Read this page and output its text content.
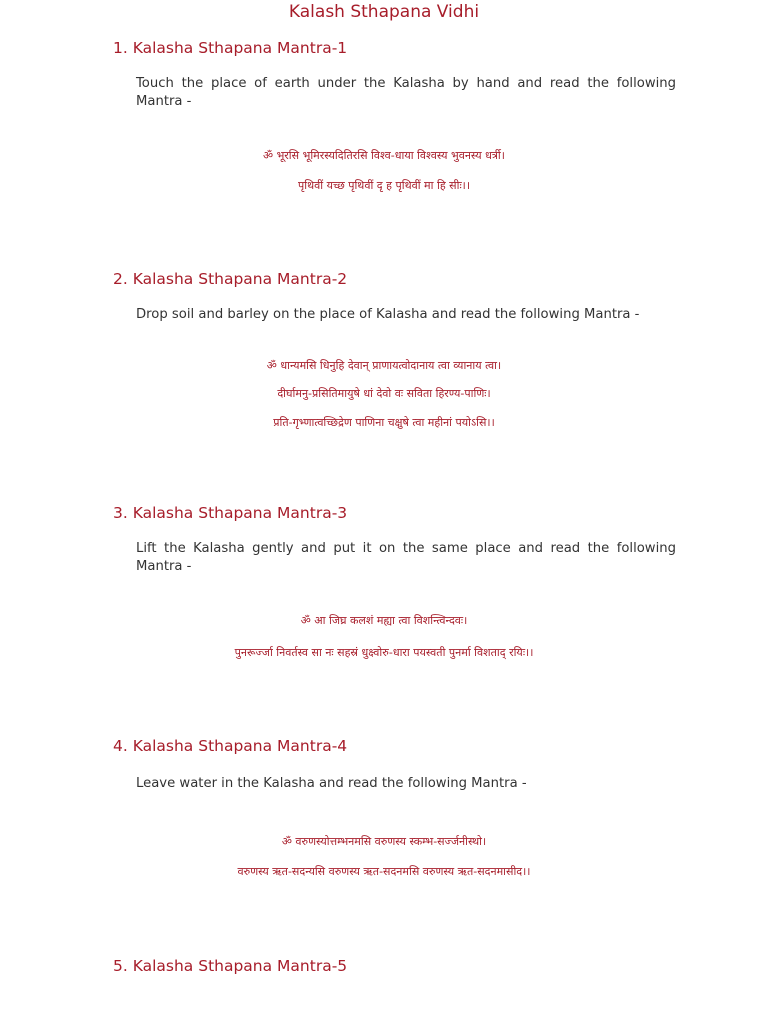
Kalash Sthapana Vidhi
1. Kalasha Sthapana Mantra-1
Touch the place of earth under the Kalasha by hand and read the following Mantra -
ॐ भूरसि भूमिरस्यदितिरसि विश्व-धाया विश्वस्य भुवनस्य धर्त्री।
पृथिवीं यच्छ पृथिवीं दृ ह पृथिवीं मा हि सीः।।
2. Kalasha Sthapana Mantra-2
Drop soil and barley on the place of Kalasha and read the following Mantra -
ॐ धान्यमसि धिनुहि देवान् प्राणायत्वोदानाय त्वा व्यानाय त्वा।
दीर्घामनु-प्रसितिमायुषे धां देवो वः सविता हिरण्य-पाणिः।
प्रति-गृभ्णात्वच्छिद्रेण पाणिना चक्षुषे त्वा महीनां पयोऽसि।।
3. Kalasha Sthapana Mantra-3
Lift the Kalasha gently and put it on the same place and read the following Mantra -
ॐ आ जिघ्र कलशं मह्या त्वा विशन्त्विन्दवः।
पुनरूर्ज्जा निवर्तस्व सा नः सहस्रं धुक्ष्वोरु-धारा पयस्वती पुनर्मा विशताद् रयिः।।
4. Kalasha Sthapana Mantra-4
Leave water in the Kalasha and read the following Mantra -
ॐ वरुणस्योत्तम्भनमसि वरुणस्य स्कम्भ-सर्ज्जनीस्थो।
वरुणस्य ऋत-सदन्यसि वरुणस्य ऋत-सदनमसि वरुणस्य ऋत-सदनमासीद।।
5. Kalasha Sthapana Mantra-5
